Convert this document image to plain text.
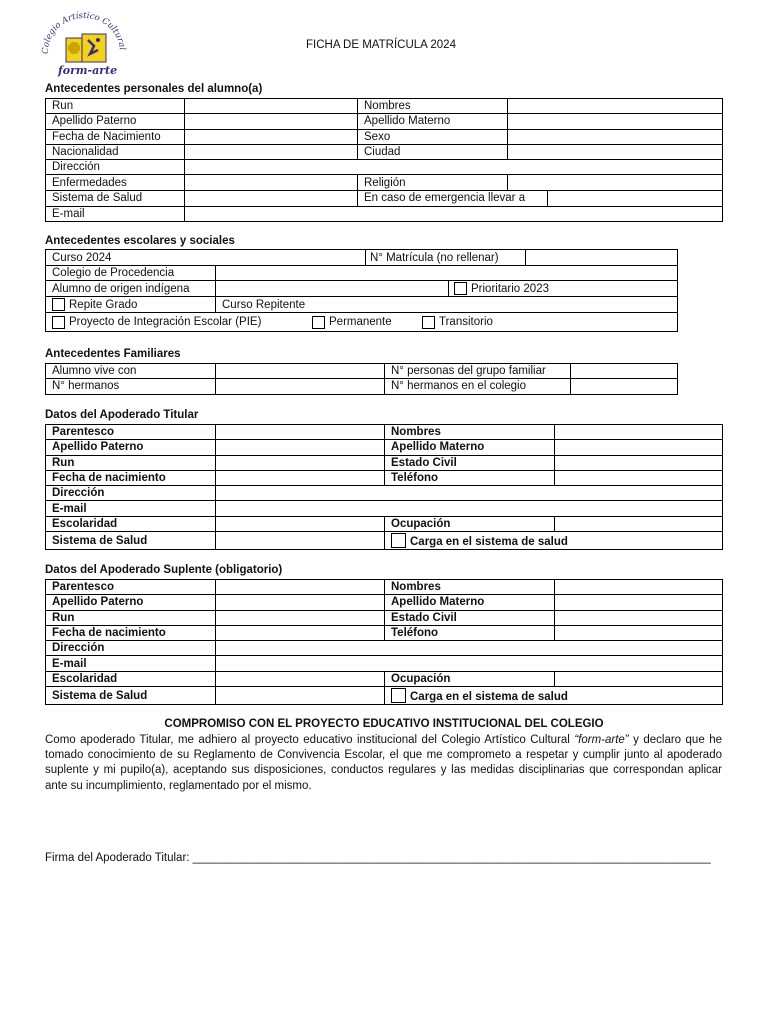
Colegio Artístico Cultural
form-arte
FICHA DE MATRÍCULA 2024
Antecedentes personales del alumno(a)
Run		Nombres	
Apellido Paterno		Apellido Materno	
Fecha de Nacimiento		Sexo	
Nacionalidad		Ciudad	
Dirección			
Enfermedades		Religión	
Sistema de Salud		En caso de emergencia llevar a	

E-mail			
Antecedentes escolares y sociales
Curso 2024	N° Matrícula (no rellenar)

Colegio de Procedencia	

Alumno de origen indígena	Prioritario 2023

Repite Grado	Curso Repitente

Proyecto de Integración Escolar (PIE)	Permanente	Transitorio
Antecedentes Familiares
Alumno vive con		N° personas del grupo familiar	
N° hermanos		N° hermanos en el colegio	
Datos del Apoderado Titular
Parentesco		Nombres	
Apellido Paterno		Apellido Materno	
Run		Estado Civil	
Fecha de nacimiento		Teléfono	
Dirección			
E-mail			
Escolaridad		Ocupación	
Sistema de Salud		Carga en el sistema de salud	
Datos del Apoderado Suplente (obligatorio)
Parentesco		Nombres	
Apellido Paterno		Apellido Materno	
Run		Estado Civil	
Fecha de nacimiento		Teléfono	
Dirección			
E-mail			
Escolaridad		Ocupación	
Sistema de Salud		Carga en el sistema de salud	
COMPROMISO CON EL PROYECTO EDUCATIVO INSTITUCIONAL DEL COLEGIO
Como apoderado Titular, me adhiero al proyecto educativo institucional del Colegio Artístico Cultural “form-arte” y declaro que he tomado conocimiento de su Reglamento de Convivencia Escolar, el que me comprometo a respetar y cumplir junto al apoderado suplente y mi pupilo(a), aceptando sus disposiciones, conductos regulares y las medidas disciplinarias que correspondan aplicar ante su incumplimiento, reglamentado por el mismo.
Firma del Apoderado Titular: _________________________________________________________________________________
